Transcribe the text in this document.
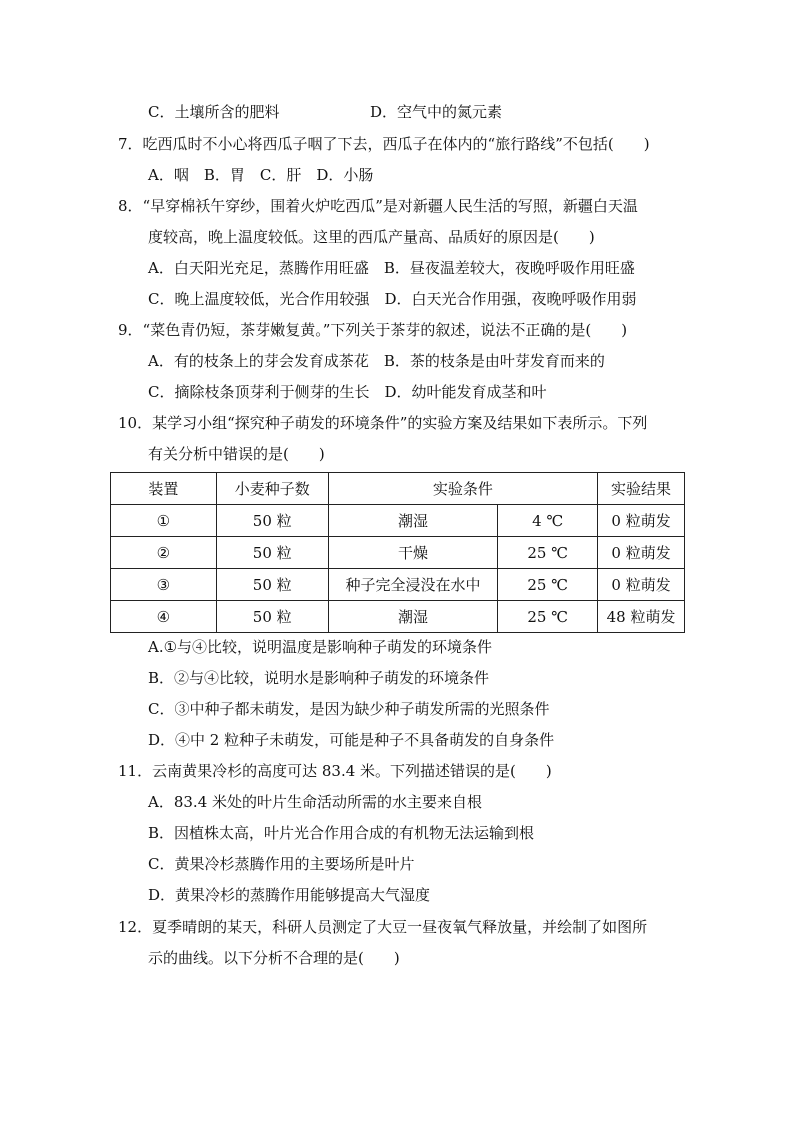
C．土壤所含的肥料	D．空气中的氮元素
7．吃西瓜时不小心将西瓜子咽了下去，西瓜子在体内的“旅行路线”不包括(　　)
A．咽　B．胃　C．肝　D．小肠
8．“早穿棉袄午穿纱，围着火炉吃西瓜”是对新疆人民生活的写照，新疆白天温
度较高，晚上温度较低。这里的西瓜产量高、品质好的原因是(　　)
A．白天阳光充足，蒸腾作用旺盛　B．昼夜温差较大，夜晚呼吸作用旺盛
C．晚上温度较低，光合作用较强　D．白天光合作用强，夜晚呼吸作用弱
9．“菜色青仍短，茶芽嫩复黄。”下列关于茶芽的叙述，说法不正确的是(　　)
A．有的枝条上的芽会发育成茶花　B．茶的枝条是由叶芽发育而来的
C．摘除枝条顶芽利于侧芽的生长　D．幼叶能发育成茎和叶
10．某学习小组“探究种子萌发的环境条件”的实验方案及结果如下表所示。下列
有关分析中错误的是(　　)
装置	小麦种子数	实验条件		实验结果
①	50 粒	潮湿	4 ℃	0 粒萌发
②	50 粒	干燥	25 ℃	0 粒萌发
③	50 粒	种子完全浸没在水中	25 ℃	0 粒萌发
④	50 粒	潮湿	25 ℃	48 粒萌发
A.①与④比较，说明温度是影响种子萌发的环境条件
B．②与④比较，说明水是影响种子萌发的环境条件
C．③中种子都未萌发，是因为缺少种子萌发所需的光照条件
D．④中 2 粒种子未萌发，可能是种子不具备萌发的自身条件
11．云南黄果冷杉的高度可达 83.4 米。下列描述错误的是(　　)
A．83.4 米处的叶片生命活动所需的水主要来自根
B．因植株太高，叶片光合作用合成的有机物无法运输到根
C．黄果冷杉蒸腾作用的主要场所是叶片
D．黄果冷杉的蒸腾作用能够提高大气湿度
12．夏季晴朗的某天，科研人员测定了大豆一昼夜氧气释放量，并绘制了如图所
示的曲线。以下分析不合理的是(　　)
